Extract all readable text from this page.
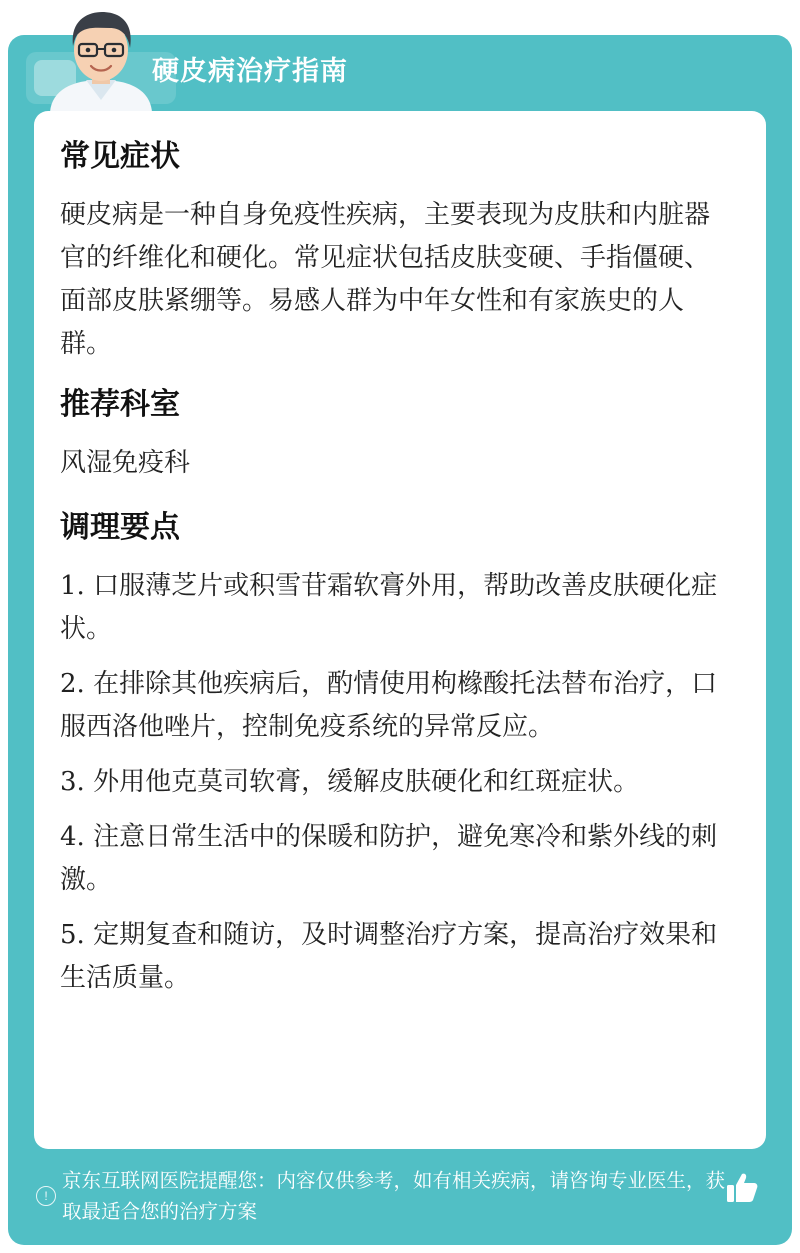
硬皮病治疗指南
常见症状

硬皮病是一种自身免疫性疾病，主要表现为皮肤和内脏器官的纤维化和硬化。常见症状包括皮肤变硬、手指僵硬、面部皮肤紧绷等。易感人群为中年女性和有家族史的人群。

推荐科室

风湿免疫科

调理要点
1. 口服薄芝片或积雪苷霜软膏外用，帮助改善皮肤硬化症状。
2. 在排除其他疾病后，酌情使用枸橼酸托法替布治疗，口服西洛他唑片，控制免疫系统的异常反应。
3. 外用他克莫司软膏，缓解皮肤硬化和红斑症状。
4. 注意日常生活中的保暖和防护，避免寒冷和紫外线的刺激。
5. 定期复查和随访，及时调整治疗方案，提高治疗效果和生活质量。
!
京东互联网医院提醒您：内容仅供参考，如有相关疾病，请咨询专业医生，获取最适合您的治疗方案
